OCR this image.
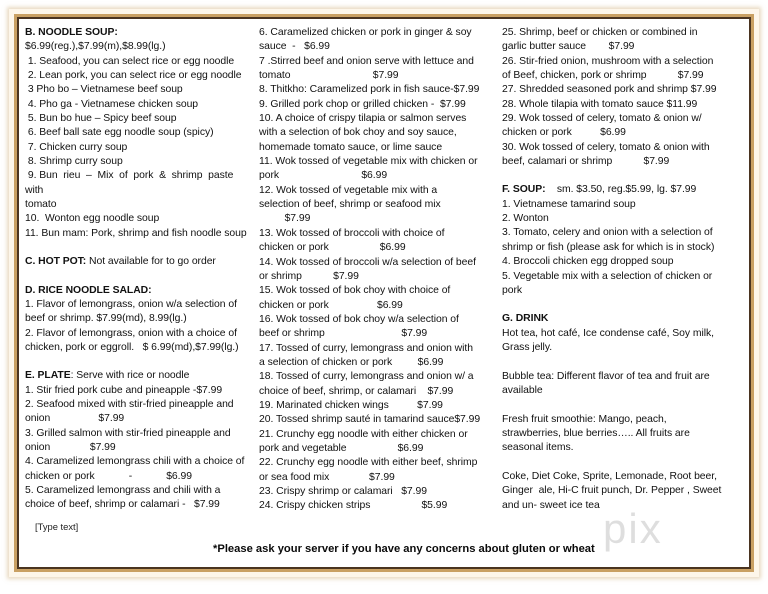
pix
B. NOODLE SOUP:
$6.99(reg.),$7.99(m),$8.99(lg.)
1. Seafood, you can select rice or egg noodle
2. Lean pork, you can select rice or egg noodle
3 Pho bo – Vietnamese beef soup
4. Pho ga - Vietnamese chicken soup
5. Bun bo hue – Spicy beef soup
6. Beef ball sate egg noodle soup (spicy)
7. Chicken curry soup
8. Shrimp curry soup
9. Bun  rieu  –  Mix  of  pork  &  shrimp  paste  with
tomato
10.  Wonton egg noodle soup
11. Bun mam: Pork, shrimp and fish noodle soup
C. HOT POT: Not available for to go order
D. RICE NOODLE SALAD:
1. Flavor of lemongrass, onion w/a selection of
beef or shrimp. $7.99(md), 8.99(lg.)
2. Flavor of lemongrass, onion with a choice of
chicken, pork or eggroll.   $ 6.99(md),$7.99(lg.)
E. PLATE: Serve with rice or noodle
1. Stir fried pork cube and pineapple -$7.99
2. Seafood mixed with stir-fried pineapple and
onion                 $7.99
3. Grilled salmon with stir-fried pineapple and
onion              $7.99
4. Caramelized lemongrass chili with a choice of
chicken or pork            -            $6.99
5. Caramelized lemongrass and chili with a
choice of beef, shrimp or calamari -   $7.99
6. Caramelized chicken or pork in ginger & soy
sauce  -   $6.99
7 .Stirred beef and onion serve with lettuce and
tomato                             $7.99
8. Thitkho: Caramelized pork in fish sauce-$7.99
9. Grilled pork chop or grilled chicken -  $7.99
10. A choice of crispy tilapia or salmon serves
with a selection of bok choy and soy sauce,
homemade tomato sauce, or lime sauce
11. Wok tossed of vegetable mix with chicken or
pork                             $6.99
12. Wok tossed of vegetable mix with a
selection of beef, shrimp or seafood mix
$7.99
13. Wok tossed of broccoli with choice of
chicken or pork                  $6.99
14. Wok tossed of broccoli w/a selection of beef
or shrimp           $7.99
15. Wok tossed of bok choy with choice of
chicken or pork                 $6.99
16. Wok tossed of bok choy w/a selection of
beef or shrimp                           $7.99
17. Tossed of curry, lemongrass and onion with
a selection of chicken or pork         $6.99
18. Tossed of curry, lemongrass and onion w/ a
choice of beef, shrimp, or calamari    $7.99
19. Marinated chicken wings          $7.99
20. Tossed shrimp sauté in tamarind sauce$7.99
21. Crunchy egg noodle with either chicken or
pork and vegetable                  $6.99
22. Crunchy egg noodle with either beef, shrimp
or sea food mix              $7.99
23. Crispy shrimp or calamari   $7.99
24. Crispy chicken strips                  $5.99
25. Shrimp, beef or chicken or combined in
garlic butter sauce        $7.99
26. Stir-fried onion, mushroom with a selection
of Beef, chicken, pork or shrimp           $7.99
27. Shredded seasoned pork and shrimp $7.99
28. Whole tilapia with tomato sauce $11.99
29. Wok tossed of celery, tomato & onion w/
chicken or pork          $6.99
30. Wok tossed of celery, tomato & onion with
beef, calamari or shrimp           $7.99
F. SOUP:    sm. $3.50, reg.$5.99, lg. $7.99
1. Vietnamese tamarind soup
2. Wonton
3. Tomato, celery and onion with a selection of
shrimp or fish (please ask for which is in stock)
4. Broccoli chicken egg dropped soup
5. Vegetable mix with a selection of chicken or
pork
G. DRINK
Hot tea, hot café, Ice condense café, Soy milk,
Grass jelly.

Bubble tea: Different flavor of tea and fruit are
available

Fresh fruit smoothie: Mango, peach,
strawberries, blue berries….. All fruits are
seasonal items.

Coke, Diet Coke, Sprite, Lemonade, Root beer,
Ginger  ale, Hi-C fruit punch, Dr. Pepper , Sweet
and un- sweet ice tea
[Type text]
*Please ask your server if you have any concerns about gluten or wheat
